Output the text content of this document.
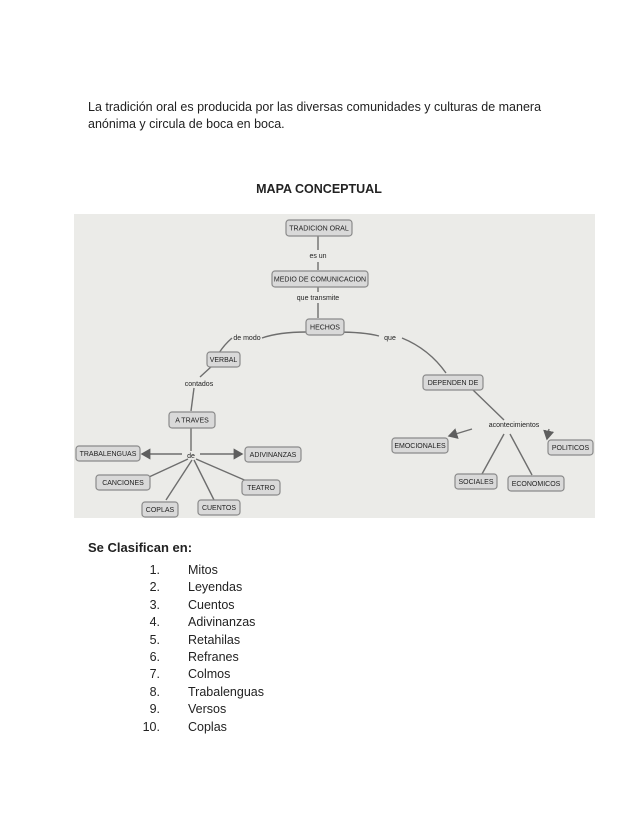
La tradición oral es producida por las diversas comunidades y culturas de manera
anónima y circula de boca en boca.

MAPA CONCEPTUAL
es un
que transmite
de modo	que
contados
de
acontecimientos
TRADICION ORAL
MEDIO DE COMUNICACION
HECHOS
VERBAL
A TRAVES
TRABALENGUAS	ADIVINANZAS
CANCIONES
TEATRO
COPLAS	CUENTOS
DEPENDEN DE
EMOCIONALES	POLITICOS
SOCIALES	ECONOMICOS
Se Clasifican en:
1.	Mitos
2.	Leyendas
3.	Cuentos
4.	Adivinanzas
5.	Retahilas
6.	Refranes
7.	Colmos
8.	Trabalenguas
9.	Versos
10.	Coplas
